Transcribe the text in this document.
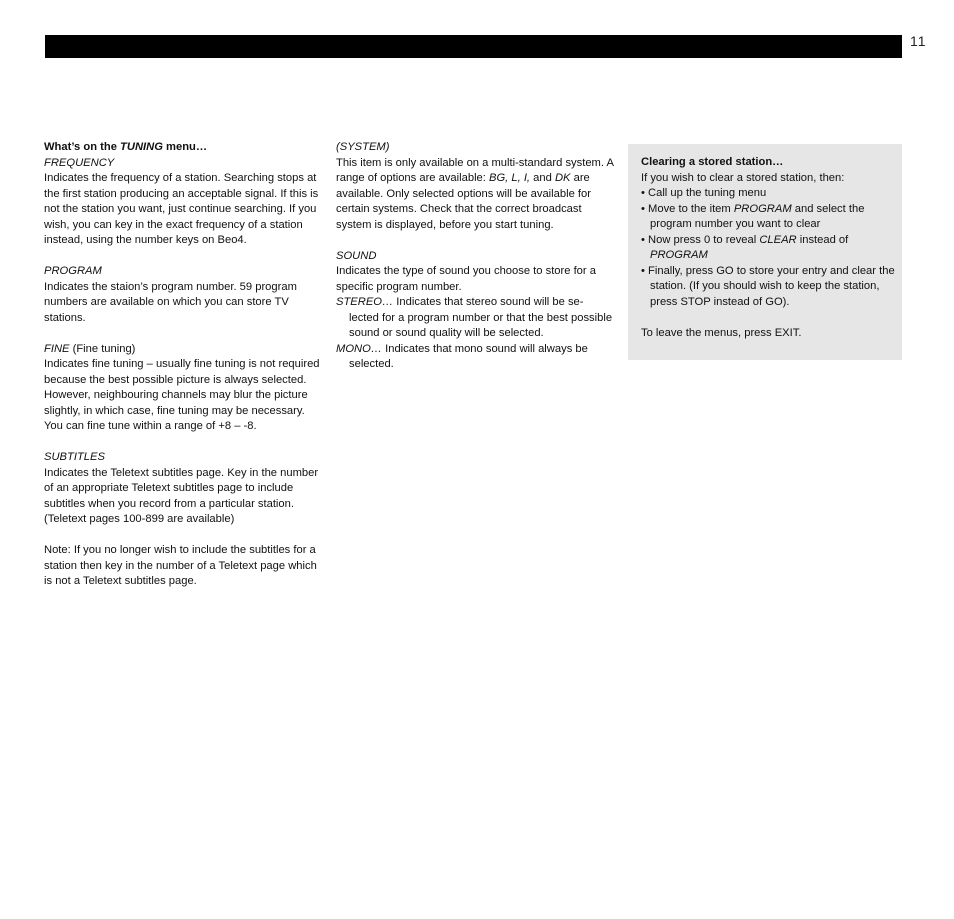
11

What’s on the TUNING menu…

FREQUENCY

Indicates the frequency of a station. Searching stops at the first station producing an acceptable signal. If this is not the station you want, just continue searching. If you wish, you can key in the exact frequency of a station instead, using the number keys on Beo4.

PROGRAM

Indicates the staion’s program number. 59 program numbers are available on which you can store TV stations.

FINE (Fine tuning)

Indicates fine tuning – usually fine tuning is not required because the best possible picture is always selected. However, neighbouring channels may blur the picture slightly, in which case, fine tuning may be necessary. You can fine tune within a range of +8 – -8.

SUBTITLES

Indicates the Teletext subtitles page. Key in the number of an appropriate Teletext subtitles page to include subtitles when you record from a particular station. (Teletext pages 100-899 are available)

Note: If you no longer wish to include the subtitles for a station then key in the number of a Teletext page which is not a Teletext subtitles page.

(SYSTEM)

This item is only available on a multi-standard system. A range of options are available: BG, L, I, and DK are available. Only selected options will be available for certain systems. Check that the correct broadcast system is displayed, before you start tuning.

SOUND

Indicates the type of sound you choose to store for a specific program number.

STEREO… Indicates that stereo sound will be se- lected for a program number or that the best possible sound or sound quality will be selected.

MONO… Indicates that mono sound will always be selected.

Clearing a stored station…

If you wish to clear a stored station, then:

• Call up the tuning menu

• Move to the item PROGRAM and select the program number you want to clear

• Now press 0 to reveal CLEAR instead of PROGRAM

• Finally, press GO to store your entry and clear the station. (If you should wish to keep the station, press STOP instead of GO).

To leave the menus, press EXIT.
